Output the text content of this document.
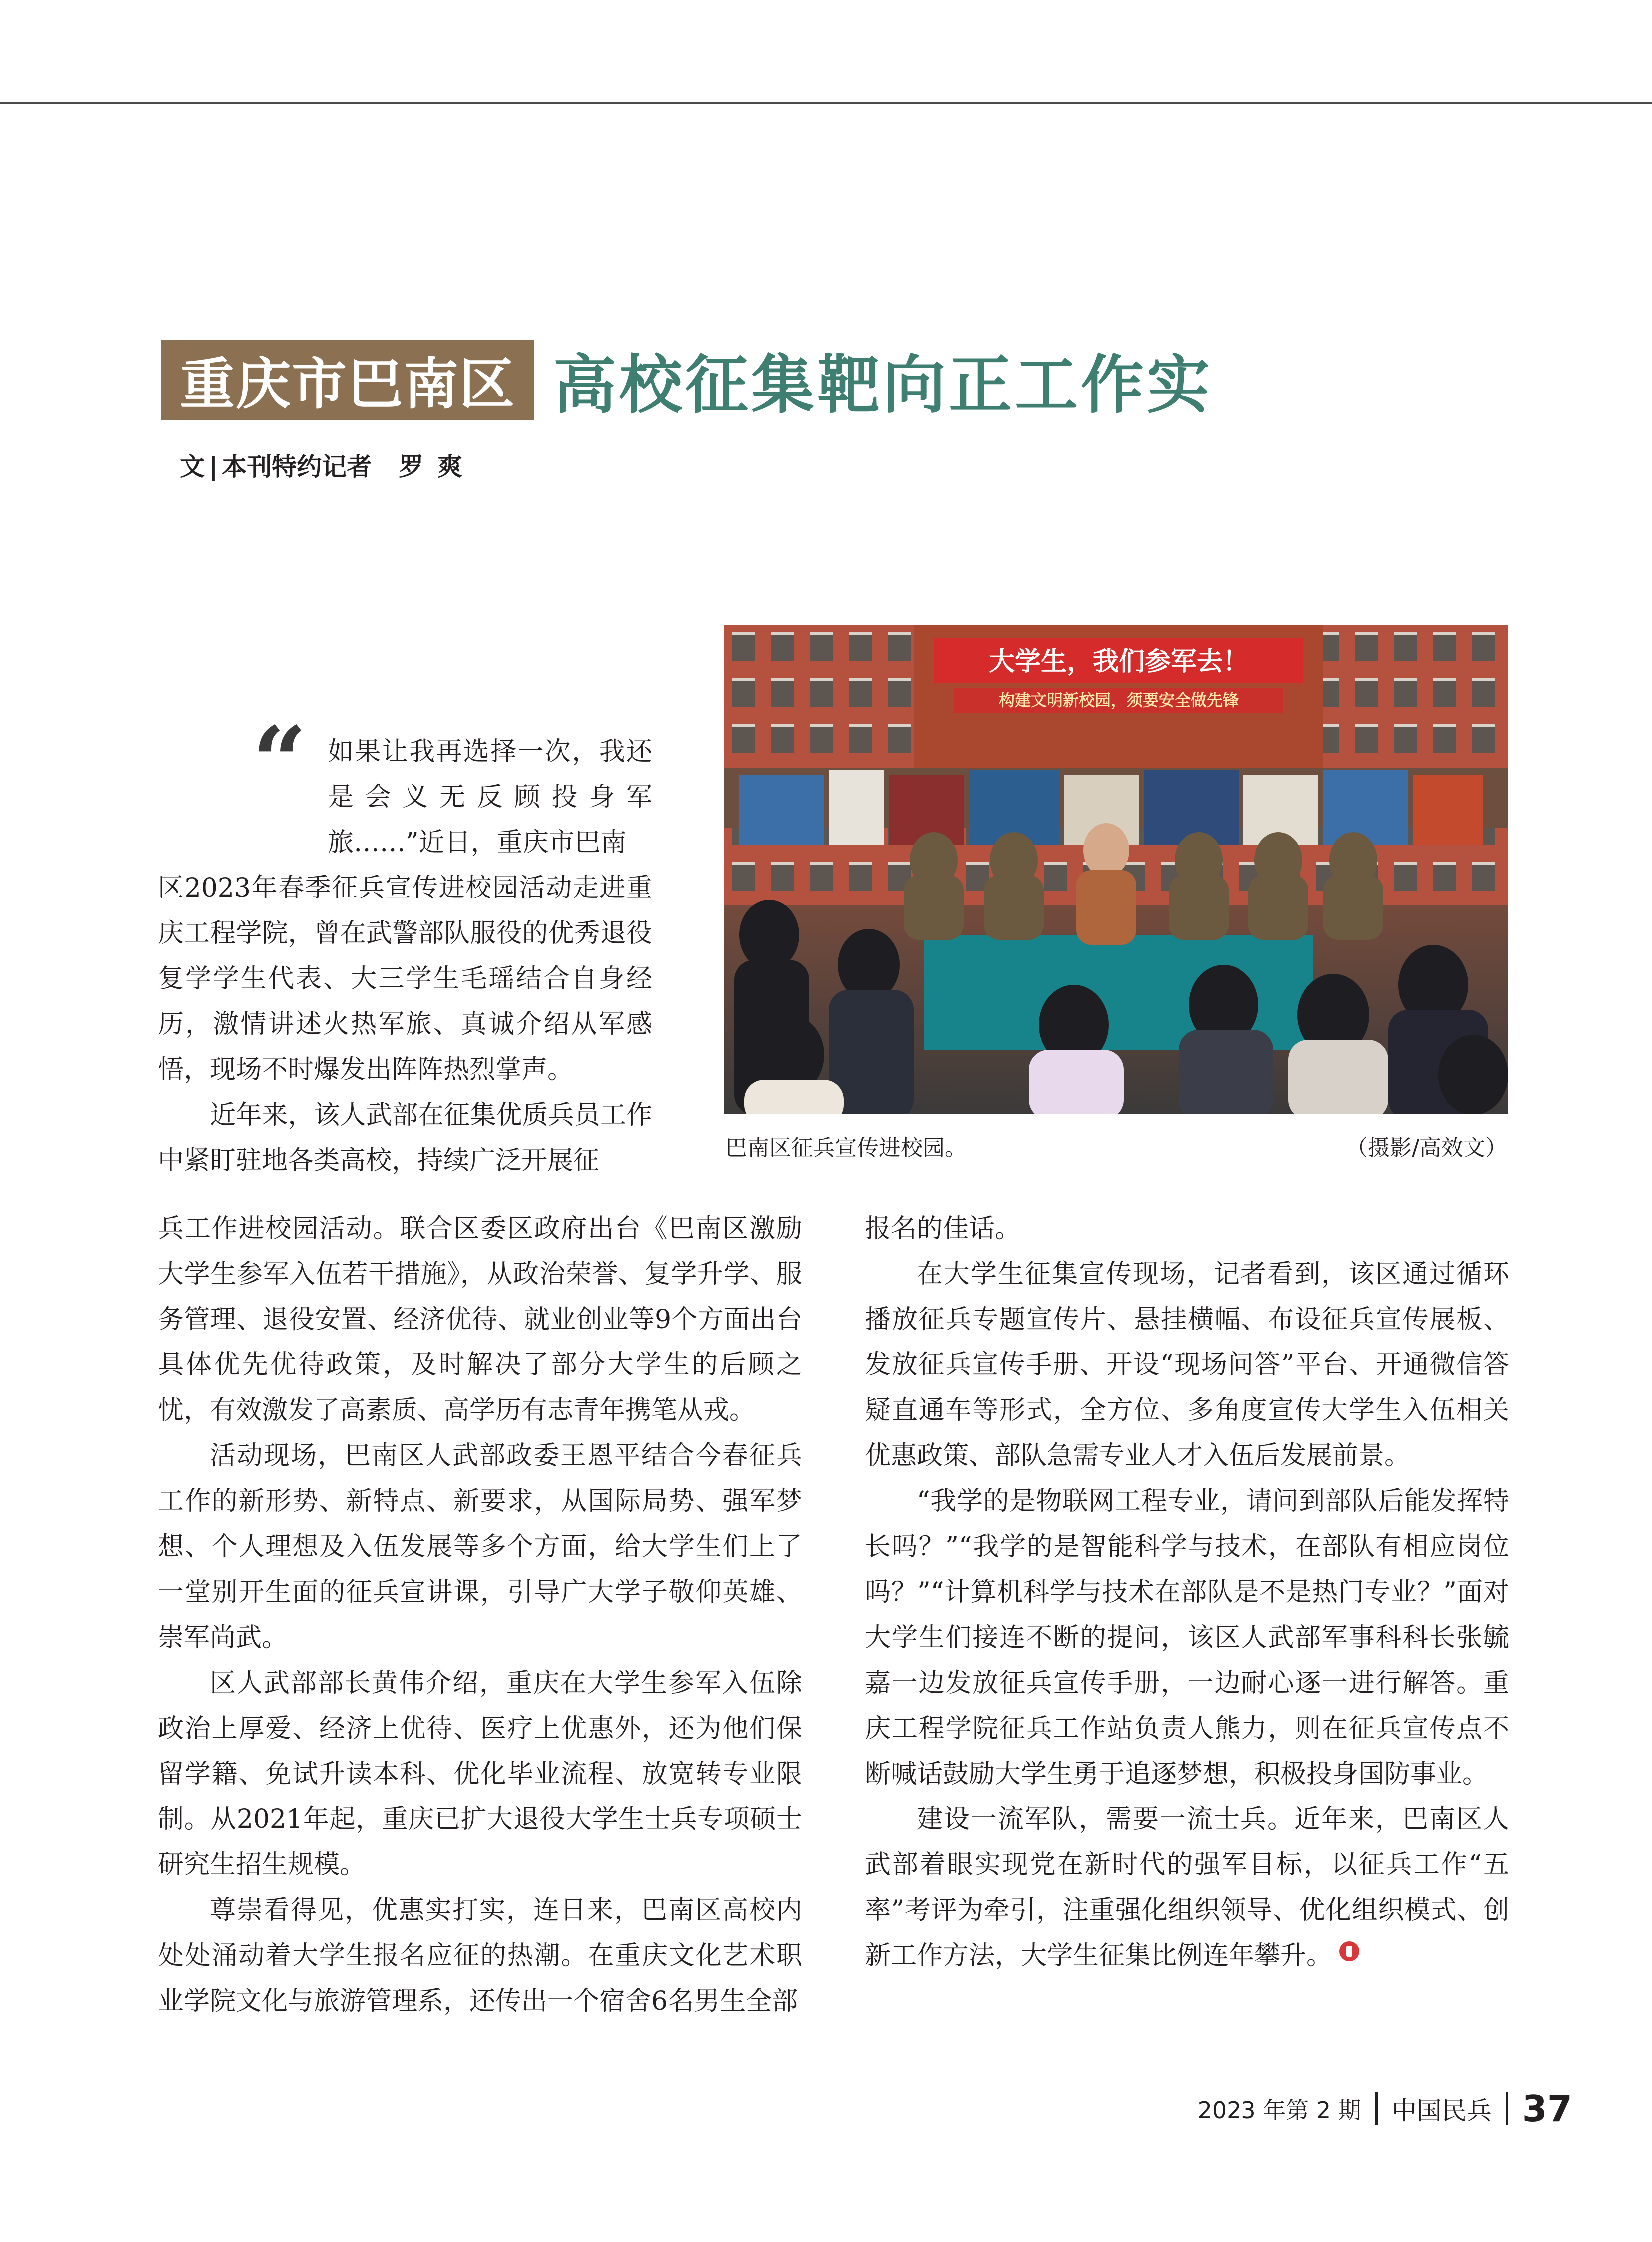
重庆市巴南区 高校征集靶向正工作实
文 | 本刊特约记者 罗爽
大学生，我们参军去！
构建文明新校园，须要安全做先锋
巴南区征兵宣传进校园。	（摄影/高效文）
“ 如果让我再选择一次，我还是会义无反顾投身军旅……”近日，重庆市巴南

区2023年春季征兵宣传进校园活动走进重庆工程学院，曾在武警部队服役的优秀退役复学学生代表、大三学生毛瑶结合自身经历，激情讲述火热军旅、真诚介绍从军感悟，现场不时爆发出阵阵热烈掌声。

近年来，该人武部在征集优质兵员工作中紧盯驻地各类高校，持续广泛开展征

兵工作进校园活动。联合区委区政府出台《巴南区激励大学生参军入伍若干措施》，从政治荣誉、复学升学、服务管理、退役安置、经济优待、就业创业等9个方面出台具体优先优待政策，及时解决了部分大学生的后顾之忧，有效激发了高素质、高学历有志青年携笔从戎。

活动现场，巴南区人武部政委王恩平结合今春征兵工作的新形势、新特点、新要求，从国际局势、强军梦想、个人理想及入伍发展等多个方面，给大学生们上了一堂别开生面的征兵宣讲课，引导广大学子敬仰英雄、崇军尚武。

区人武部部长黄伟介绍，重庆在大学生参军入伍除政治上厚爱、经济上优待、医疗上优惠外，还为他们保留学籍、免试升读本科、优化毕业流程、放宽转专业限制。从2021年起，重庆已扩大退役大学生士兵专项硕士研究生招生规模。

尊崇看得见，优惠实打实，连日来，巴南区高校内处处涌动着大学生报名应征的热潮。在重庆文化艺术职业学院文化与旅游管理系，还传出一个宿舍6名男生全部

报名的佳话。

在大学生征集宣传现场，记者看到，该区通过循环播放征兵专题宣传片、悬挂横幅、布设征兵宣传展板、发放征兵宣传手册、开设“现场问答”平台、开通微信答疑直通车等形式，全方位、多角度宣传大学生入伍相关优惠政策、部队急需专业人才入伍后发展前景。

“我学的是物联网工程专业，请问到部队后能发挥特长吗？”“我学的是智能科学与技术，在部队有相应岗位吗？”“计算机科学与技术在部队是不是热门专业？”面对大学生们接连不断的提问，该区人武部军事科科长张毓嘉一边发放征兵宣传手册，一边耐心逐一进行解答。重庆工程学院征兵工作站负责人熊力，则在征兵宣传点不断喊话鼓励大学生勇于追逐梦想，积极投身国防事业。

建设一流军队，需要一流士兵。近年来，巴南区人武部着眼实现党在新时代的强军目标，以征兵工作“五率”考评为牵引，注重强化组织领导、优化组织模式、创新工作方法，大学生征集比例连年攀升。

2023 年第 2 期 中国民兵 37
